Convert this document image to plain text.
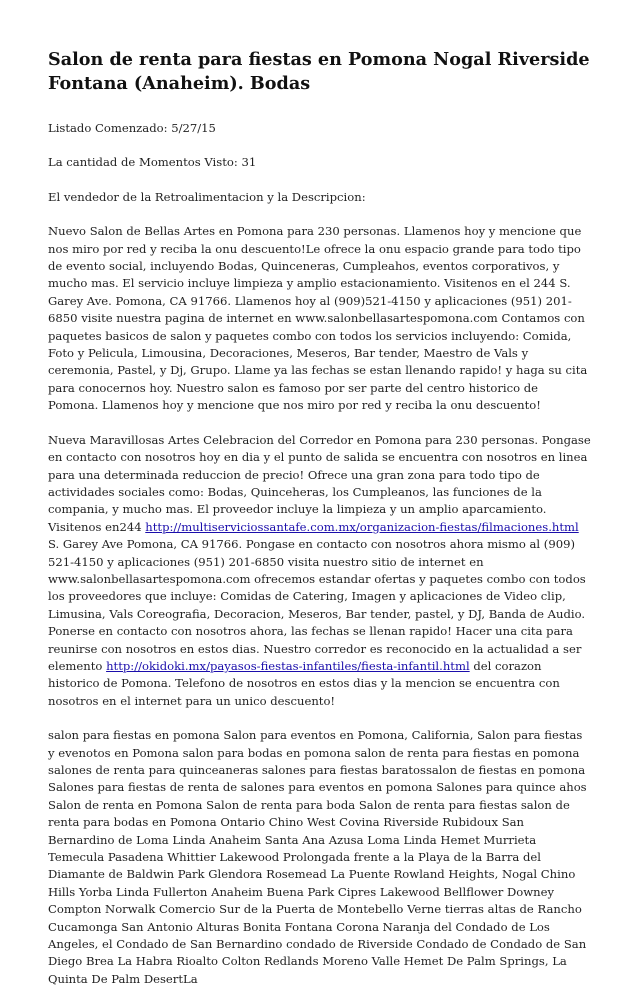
Salon de renta para fiestas en Pomona Nogal Riverside Fontana (Anaheim). Bodas

Listado Comenzado: 5/27/15

La cantidad de Momentos Visto: 31

El vendedor de la Retroalimentacion y la Descripcion:

Nuevo Salon de Bellas Artes en Pomona para 230 personas. Llamenos hoy y mencione que nos miro por red y reciba la onu descuento!Le ofrece la onu espacio grande para todo tipo de evento social, incluyendo Bodas, Quinceneras, Cumpleahos, eventos corporativos, y mucho mas. El servicio incluye limpieza y amplio estacionamiento. Visitenos en el 244 S. Garey Ave. Pomona, CA 91766. Llamenos hoy al (909)521-4150 y aplicaciones (951) 201-6850 visite nuestra pagina de internet en www.salonbellasartespomona.com Contamos con paquetes basicos de salon y paquetes combo con todos los servicios incluyendo: Comida, Foto y Pelicula, Limousina, Decoraciones, Meseros, Bar tender, Maestro de Vals y ceremonia, Pastel, y Dj, Grupo. Llame ya las fechas se estan llenando rapido! y haga su cita para conocernos hoy. Nuestro salon es famoso por ser parte del centro historico de Pomona. Llamenos hoy y mencione que nos miro por red y reciba la onu descuento!

Nueva Maravillosas Artes Celebracion del Corredor en Pomona para 230 personas. Pongase en contacto con nosotros hoy en dia y el punto de salida se encuentra con nosotros en linea para una determinada reduccion de precio! Ofrece una gran zona para todo tipo de actividades sociales como: Bodas, Quinceheras, los Cumpleanos, las funciones de la compania, y mucho mas. El proveedor incluye la limpieza y un amplio aparcamiento. Visitenos en244 http://multiserviciossantafe.com.mx/organizacion-fiestas/filmaciones.html S. Garey Ave Pomona, CA 91766. Pongase en contacto con nosotros ahora mismo al (909) 521-4150 y aplicaciones (951) 201-6850 visita nuestro sitio de internet en www.salonbellasartespomona.com ofrecemos estandar ofertas y paquetes combo con todos los proveedores que incluye: Comidas de Catering, Imagen y aplicaciones de Video clip, Limusina, Vals Coreografia, Decoracion, Meseros, Bar tender, pastel, y DJ, Banda de Audio. Ponerse en contacto con nosotros ahora, las fechas se llenan rapido! Hacer una cita para reunirse con nosotros en estos dias. Nuestro corredor es reconocido en la actualidad a ser elemento http://okidoki.mx/payasos-fiestas-infantiles/fiesta-infantil.html del corazon historico de Pomona. Telefono de nosotros en estos dias y la mencion se encuentra con nosotros en el internet para un unico descuento!

salon para fiestas en pomona Salon para eventos en Pomona, California, Salon para fiestas y evenotos en Pomona salon para bodas en pomona salon de renta para fiestas en pomona salones de renta para quinceaneras salones para fiestas baratossalon de fiestas en pomona Salones para fiestas de renta de salones para eventos en pomona Salones para quince ahos Salon de renta en Pomona Salon de renta para boda Salon de renta para fiestas salon de renta para bodas en Pomona Ontario Chino West Covina Riverside Rubidoux San Bernardino de Loma Linda Anaheim Santa Ana Azusa Loma Linda Hemet Murrieta Temecula Pasadena Whittier Lakewood Prolongada frente a la Playa de la Barra del Diamante de Baldwin Park Glendora Rosemead La Puente Rowland Heights, Nogal Chino Hills Yorba Linda Fullerton Anaheim Buena Park Cipres Lakewood Bellflower Downey Compton Norwalk Comercio Sur de la Puerta de Montebello Verne tierras altas de Rancho Cucamonga San Antonio Alturas Bonita Fontana Corona Naranja del Condado de Los Angeles, el Condado de San Bernardino condado de Riverside Condado de Condado de San Diego Brea La Habra Rioalto Colton Redlands Moreno Valle Hemet De Palm Springs, La Quinta De Palm DesertLa
